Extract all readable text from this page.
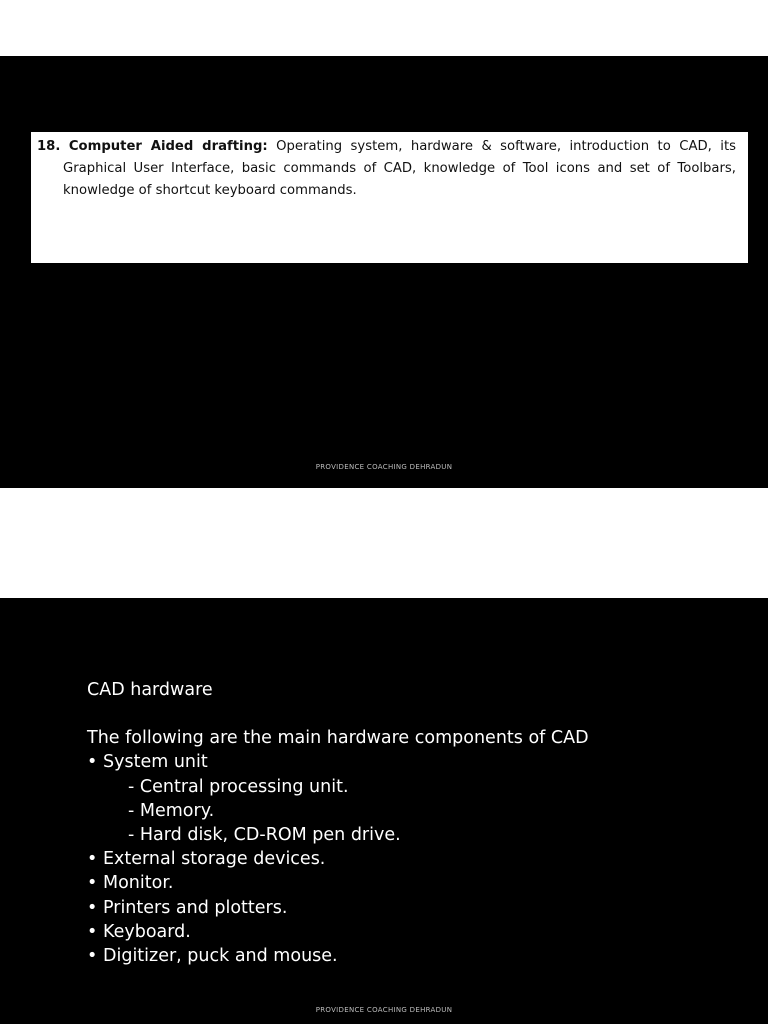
18. Computer Aided drafting: Operating system, hardware & software, introduction to CAD, its Graphical User Interface, basic commands of CAD, knowledge of Tool icons and set of Toolbars, knowledge of shortcut keyboard commands.

PROVIDENCE COACHING DEHRADUN

CAD hardware

The following are the main hardware components of CAD

• System unit
- Central processing unit.
- Memory.
- Hard disk, CD-ROM pen drive.
• External storage devices.
• Monitor.
• Printers and plotters.
• Keyboard.
• Digitizer, puck and mouse.
PROVIDENCE COACHING DEHRADUN
